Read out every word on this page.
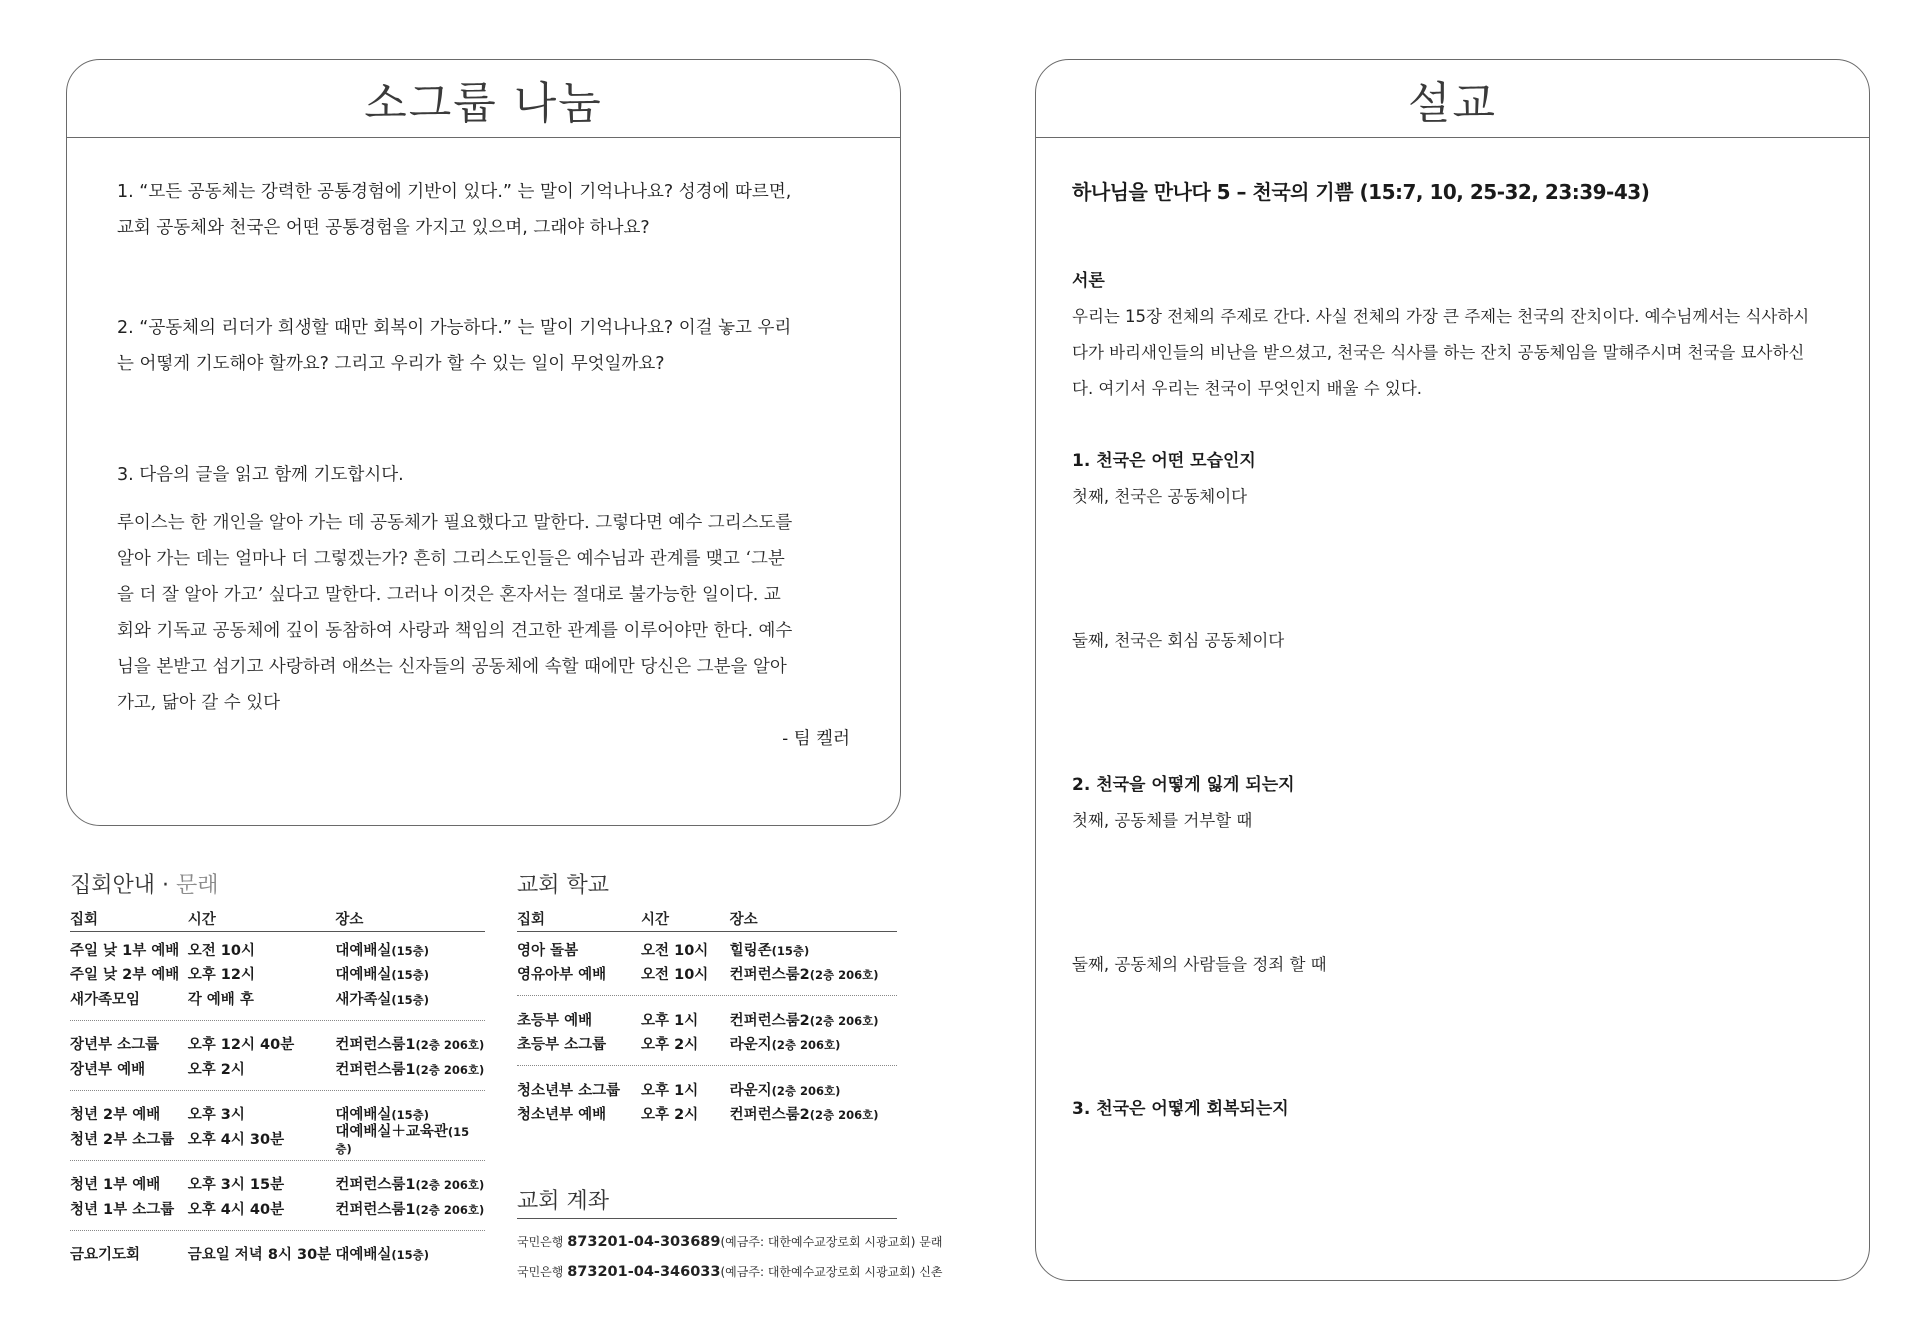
소그룹 나눔
1. “모든 공동체는 강력한 공통경험에 기반이 있다.” 는 말이 기억나나요? 성경에 따르면,
교회 공동체와 천국은 어떤 공통경험을 가지고 있으며, 그래야 하나요?
2. “공동체의 리더가 희생할 때만 회복이 가능하다.” 는 말이 기억나나요? 이걸 놓고 우리
는 어떻게 기도해야 할까요? 그리고 우리가 할 수 있는 일이 무엇일까요?
3. 다음의 글을 읽고 함께 기도합시다.
루이스는 한 개인을 알아 가는 데 공동체가 필요했다고 말한다. 그렇다면 예수 그리스도를
알아 가는 데는 얼마나 더 그렇겠는가? 흔히 그리스도인들은 예수님과 관계를 맺고 ‘그분
을 더 잘 알아 가고’ 싶다고 말한다. 그러나 이것은 혼자서는 절대로 불가능한 일이다. 교
회와 기독교 공동체에 깊이 동참하여 사랑과 책임의 견고한 관계를 이루어야만 한다. 예수
님을 본받고 섬기고 사랑하려 애쓰는 신자들의 공동체에 속할 때에만 당신은 그분을 알아
가고, 닮아 갈 수 있다
- 팀 켈러
설교
하나님을 만나다 5 – 천국의 기쁨 (15:7, 10, 25-32, 23:39-43)
서론
우리는 15장 전체의 주제로 간다. 사실 전체의 가장 큰 주제는 천국의 잔치이다. 예수님께서는 식사하시
다가 바리새인들의 비난을 받으셨고, 천국은 식사를 하는 잔치 공동체임을 말해주시며 천국을 묘사하신
다. 여기서 우리는 천국이 무엇인지 배울 수 있다.
1. 천국은 어떤 모습인지
첫째, 천국은 공동체이다
둘째, 천국은 회심 공동체이다
2. 천국을 어떻게 잃게 되는지
첫째, 공동체를 거부할 때
둘째, 공동체의 사람들을 정죄 할 때
3. 천국은 어떻게 회복되는지
집회안내 · 문래
집회	시간	장소
주일 낮 1부 예배 오전 10시	대예배실(15층)
주일 낮 2부 예배 오후 12시	대예배실(15층)
새가족모임	각 예배 후	새가족실(15층)
장년부 소그룹	오후 12시 40분	컨퍼런스룸1(2층 206호)
장년부 예배	오후 2시	컨퍼런스룸1(2층 206호)
청년 2부 예배	오후 3시	대예배실(15층)
청년 2부 소그룹 오후 4시 30분	대예배실＋교육관(15층)
청년 1부 예배	오후 3시 15분	컨퍼런스룸1(2층 206호)
청년 1부 소그룹 오후 4시 40분	컨퍼런스룸1(2층 206호)
금요기도회	금요일 저녁 8시 30분 대예배실(15층)
교회 학교
집회	시간	장소
영아 돌봄	오전 10시	힐링존(15층)
영유아부 예배	오전 10시	컨퍼런스룸2(2층 206호)
초등부 예배	오후 1시	컨퍼런스룸2(2층 206호)
초등부 소그룹	오후 2시	라운지(2층 206호)
청소년부 소그룹	오후 1시	라운지(2층 206호)
청소년부 예배	오후 2시	컨퍼런스룸2(2층 206호)
교회 계좌
국민은행 873201-04-303689(예금주: 대한예수교장로회 시광교회) 문래
국민은행 873201-04-346033(예금주: 대한예수교장로회 시광교회) 신촌
